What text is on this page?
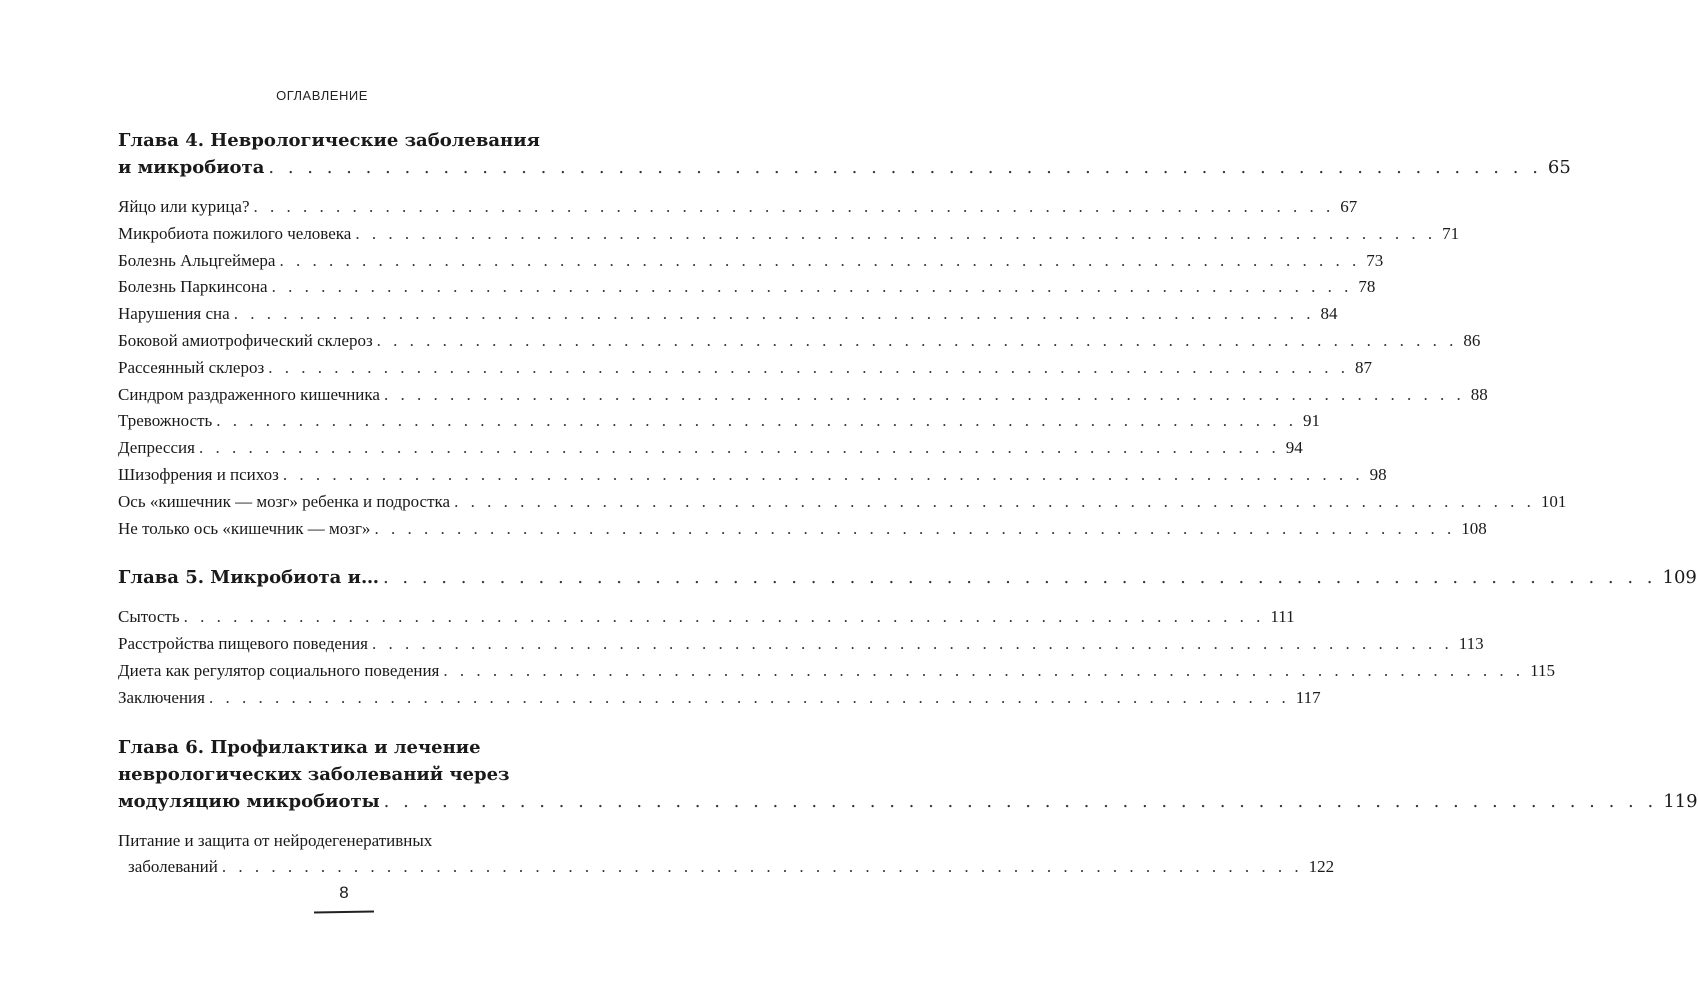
ОГЛАВЛЕНИЕ
Глава 4. Неврологические заболевания
и микробиота . . . . . . . . . . . . . . . . . . . . . . . . . . . . . . . . . . . . . . . . . . . . . . . . . . . . . . . . . . . . . . . . . . 65
Яйцо или курица? . . . . . . . . . . . . . . . . . . . . . . . . . . . . . . . . . . . . . . . . . . . . . . . . . . . . . . . . . . . . . . . . . . 67
Микробиота пожилого человека . . . . . . . . . . . . . . . . . . . . . . . . . . . . . . . . . . . . . . . . . . . . . . . . . . . . . . . . . . . . . . . . . . 71
Болезнь Альцгеймера . . . . . . . . . . . . . . . . . . . . . . . . . . . . . . . . . . . . . . . . . . . . . . . . . . . . . . . . . . . . . . . . . . 73
Болезнь Паркинсона . . . . . . . . . . . . . . . . . . . . . . . . . . . . . . . . . . . . . . . . . . . . . . . . . . . . . . . . . . . . . . . . . . 78
Нарушения сна . . . . . . . . . . . . . . . . . . . . . . . . . . . . . . . . . . . . . . . . . . . . . . . . . . . . . . . . . . . . . . . . . . 84
Боковой амиотрофический склероз . . . . . . . . . . . . . . . . . . . . . . . . . . . . . . . . . . . . . . . . . . . . . . . . . . . . . . . . . . . . . . . . . . 86
Рассеянный склероз . . . . . . . . . . . . . . . . . . . . . . . . . . . . . . . . . . . . . . . . . . . . . . . . . . . . . . . . . . . . . . . . . . 87
Синдром раздраженного кишечника . . . . . . . . . . . . . . . . . . . . . . . . . . . . . . . . . . . . . . . . . . . . . . . . . . . . . . . . . . . . . . . . . . 88
Тревожность . . . . . . . . . . . . . . . . . . . . . . . . . . . . . . . . . . . . . . . . . . . . . . . . . . . . . . . . . . . . . . . . . . 91
Депрессия . . . . . . . . . . . . . . . . . . . . . . . . . . . . . . . . . . . . . . . . . . . . . . . . . . . . . . . . . . . . . . . . . . 94
Шизофрения и психоз . . . . . . . . . . . . . . . . . . . . . . . . . . . . . . . . . . . . . . . . . . . . . . . . . . . . . . . . . . . . . . . . . . 98
Ось «кишечник — мозг» ребенка и подростка . . . . . . . . . . . . . . . . . . . . . . . . . . . . . . . . . . . . . . . . . . . . . . . . . . . . . . . . . . . . . . . . . . 101
Не только ось «кишечник — мозг» . . . . . . . . . . . . . . . . . . . . . . . . . . . . . . . . . . . . . . . . . . . . . . . . . . . . . . . . . . . . . . . . . . 108
Глава 5. Микробиота и… . . . . . . . . . . . . . . . . . . . . . . . . . . . . . . . . . . . . . . . . . . . . . . . . . . . . . . . . . . . . . . . . . . 109
Сытость . . . . . . . . . . . . . . . . . . . . . . . . . . . . . . . . . . . . . . . . . . . . . . . . . . . . . . . . . . . . . . . . . . 111
Расстройства пищевого поведения . . . . . . . . . . . . . . . . . . . . . . . . . . . . . . . . . . . . . . . . . . . . . . . . . . . . . . . . . . . . . . . . . . 113
Диета как регулятор социального поведения . . . . . . . . . . . . . . . . . . . . . . . . . . . . . . . . . . . . . . . . . . . . . . . . . . . . . . . . . . . . . . . . . . 115
Заключения . . . . . . . . . . . . . . . . . . . . . . . . . . . . . . . . . . . . . . . . . . . . . . . . . . . . . . . . . . . . . . . . . . 117
Глава 6. Профилактика и лечение
неврологических заболеваний через
модуляцию микробиоты . . . . . . . . . . . . . . . . . . . . . . . . . . . . . . . . . . . . . . . . . . . . . . . . . . . . . . . . . . . . . . . . . . 119
Питание и защита от нейродегенеративных
заболеваний . . . . . . . . . . . . . . . . . . . . . . . . . . . . . . . . . . . . . . . . . . . . . . . . . . . . . . . . . . . . . . . . . . 122
8
